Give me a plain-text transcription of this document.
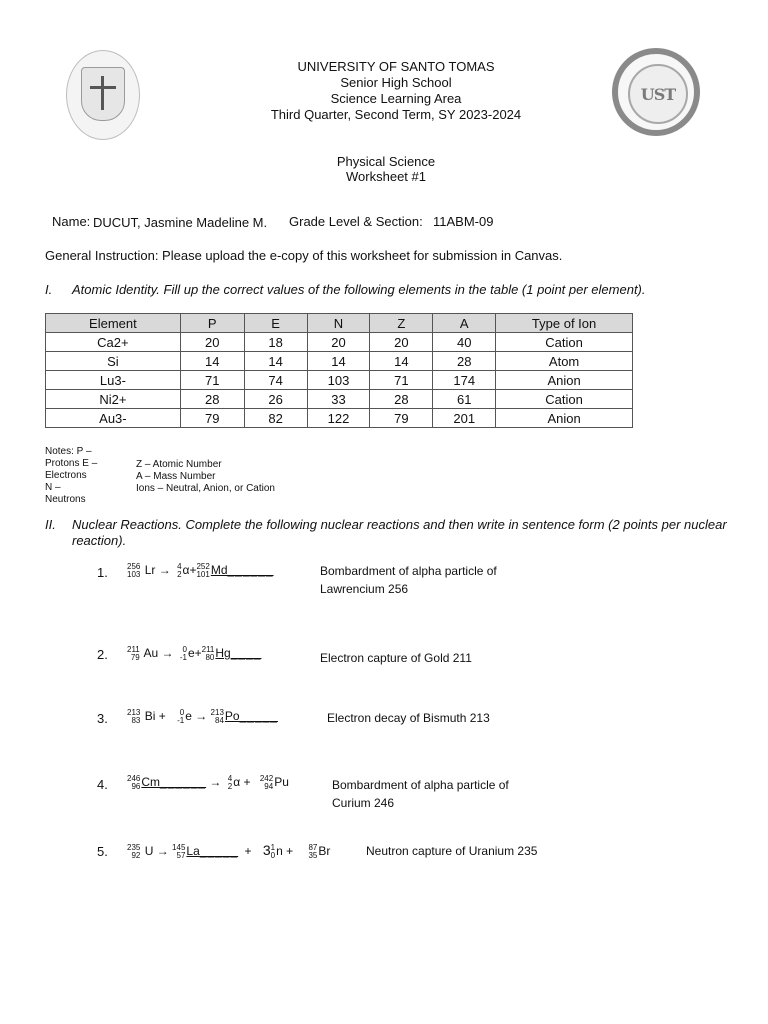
UST
UNIVERSITY OF SANTO TOMAS
Senior High School
Science Learning Area
Third Quarter, Second Term, SY 2023-2024
Physical Science
Worksheet #1
Name: DUCUT, Jasmine Madeline M. Grade Level & Section: 11ABM-09
General Instruction: Please upload the e-copy of this worksheet for submission in Canvas.
I. Atomic Identity. Fill up the correct values of the following elements in the table (1 point per element).
Element	P	E	N	Z	A	Type of Ion
Ca2+	20	18	20	20	40	Cation
Si	14	14	14	14	28	Atom
Lu3-	71	74	103	71	174	Anion
Ni2+	28	26	33	28	61	Cation
Au3-	79	82	122	79	201	Anion
Notes: P –
Protons E –
Electrons
N –
Neutrons
Z – Atomic Number
A – Mass Number
Ions – Neutral, Anion, or Cation
II. Nuclear Reactions. Complete the following nuclear reactions and then write in sentence form (2 points per nuclear reaction).
1. 256
103 Lr → 4
2 α+ 252
101 Md______	Bombardment of alpha particle of
Lawrencium 256
2. 211
79 Au →	0
-1 e+ 211
80 Hg____	Electron capture of Gold 211
3. 213
83 Bi +	0
-1 e → 213
84 Po_____	Electron decay of Bismuth 213
4. 246
96 Cm______ → 4
2 α + 242
94 Pu	Bombardment of alpha particle of
Curium 246
5. 235
92 U → 145
57 La_____ + 3 1
0 n + 87
35 Br	Neutron capture of Uranium 235
